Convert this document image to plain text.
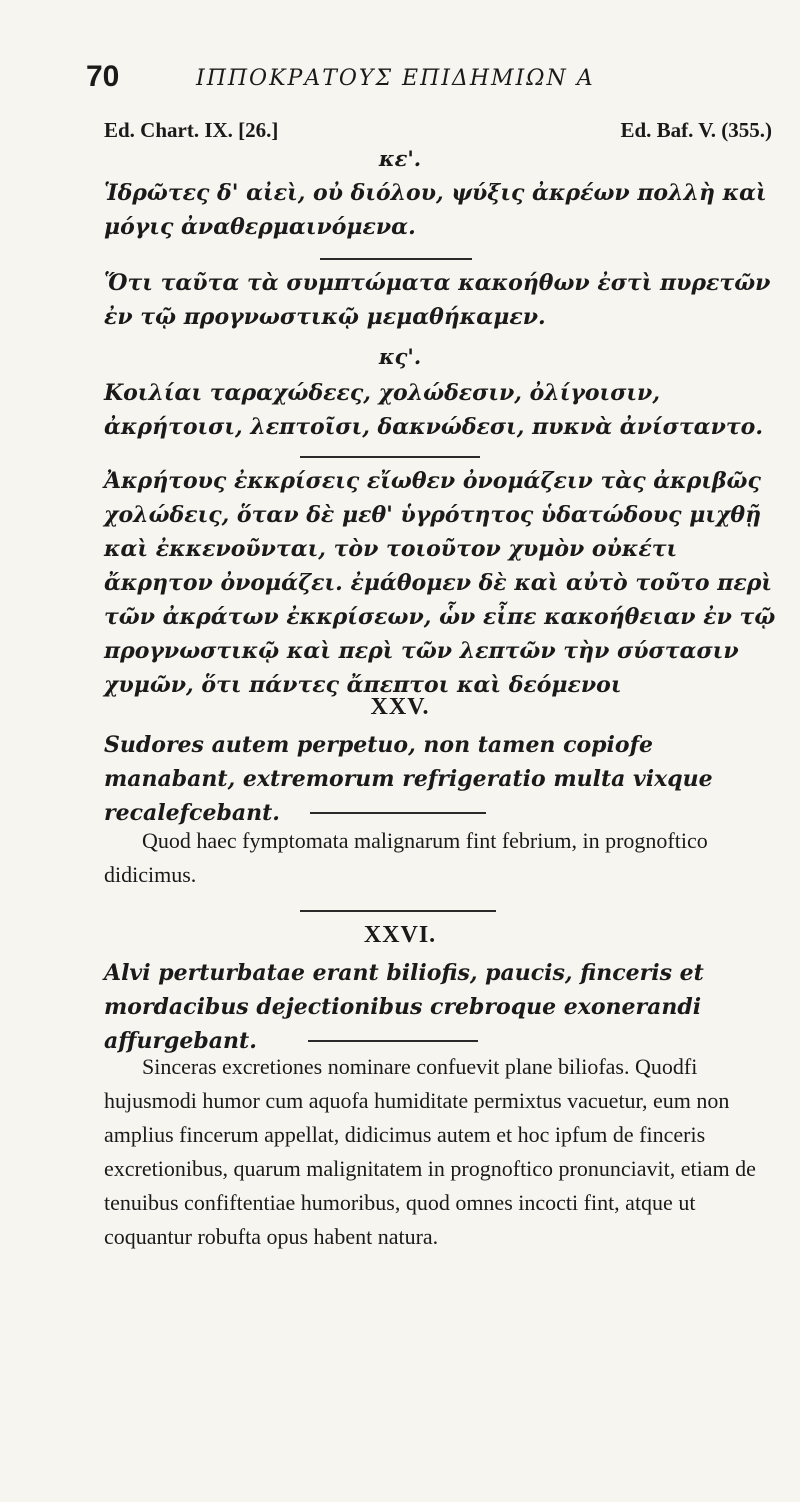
70	ΙΠΠΟΚΡΑΤΟΥΣ ΕΠΙΔΗΜΙΩΝ Α
Ed. Chart. IX. [26.]	Ed. Baf. V. (355.)
κε'.

Ἱδρῶτες δ' αἰεὶ, οὐ διόλου, ψύξις ἀκρέων πολλὴ καὶ μόγις ἀναθερμαινόμενα.

Ὅτι ταῦτα τὰ συμπτώματα κακοήθων ἐστὶ πυρετῶν ἐν τῷ προγνωστικῷ μεμαθήκαμεν.

κς'.

Κοιλίαι ταραχώδεες, χολώδεσιν, ὀλίγοισιν, ἀκρήτοισι, λεπτοῖσι, δακνώδεσι, πυκνὰ ἀνίσταντο.

Ἀκρήτους ἐκκρίσεις εἴωθεν ὀνομάζειν τὰς ἀκριβῶς χολώδεις, ὅταν δὲ μεθ' ὑγρότητος ὑδατώδους μιχθῇ καὶ ἐκκενοῦνται, τὸν τοιοῦτον χυμὸν οὐκέτι ἄκρητον ὀνομάζει. ἐμάθομεν δὲ καὶ αὐτὸ τοῦτο περὶ τῶν ἀκράτων ἐκκρίσεων, ὧν εἶπε κακοήθειαν ἐν τῷ προγνωστικῷ καὶ περὶ τῶν λεπτῶν τὴν σύστασιν χυμῶν, ὅτι πάντες ἄπεπτοι καὶ δεόμενοι

XXV.

Sudores autem perpetuo, non tamen copiofe manabant, extremorum refrigeratio multa vixque recalefcebant.

Quod haec fymptomata malignarum fint febrium, in prognoftico didicimus.

XXVI.

Alvi perturbatae erant biliofis, paucis, finceris et mordacibus dejectionibus crebroque exonerandi affurgebant.

Sinceras excretiones nominare confuevit plane biliofas. Quodfi hujusmodi humor cum aquofa humiditate permixtus vacuetur, eum non amplius fincerum appellat, didicimus autem et hoc ipfum de finceris excretionibus, quarum malignitatem in prognoftico pronunciavit, etiam de tenuibus confiftentiae humoribus, quod omnes incocti fint, atque ut coquantur robufta opus habent natura.
